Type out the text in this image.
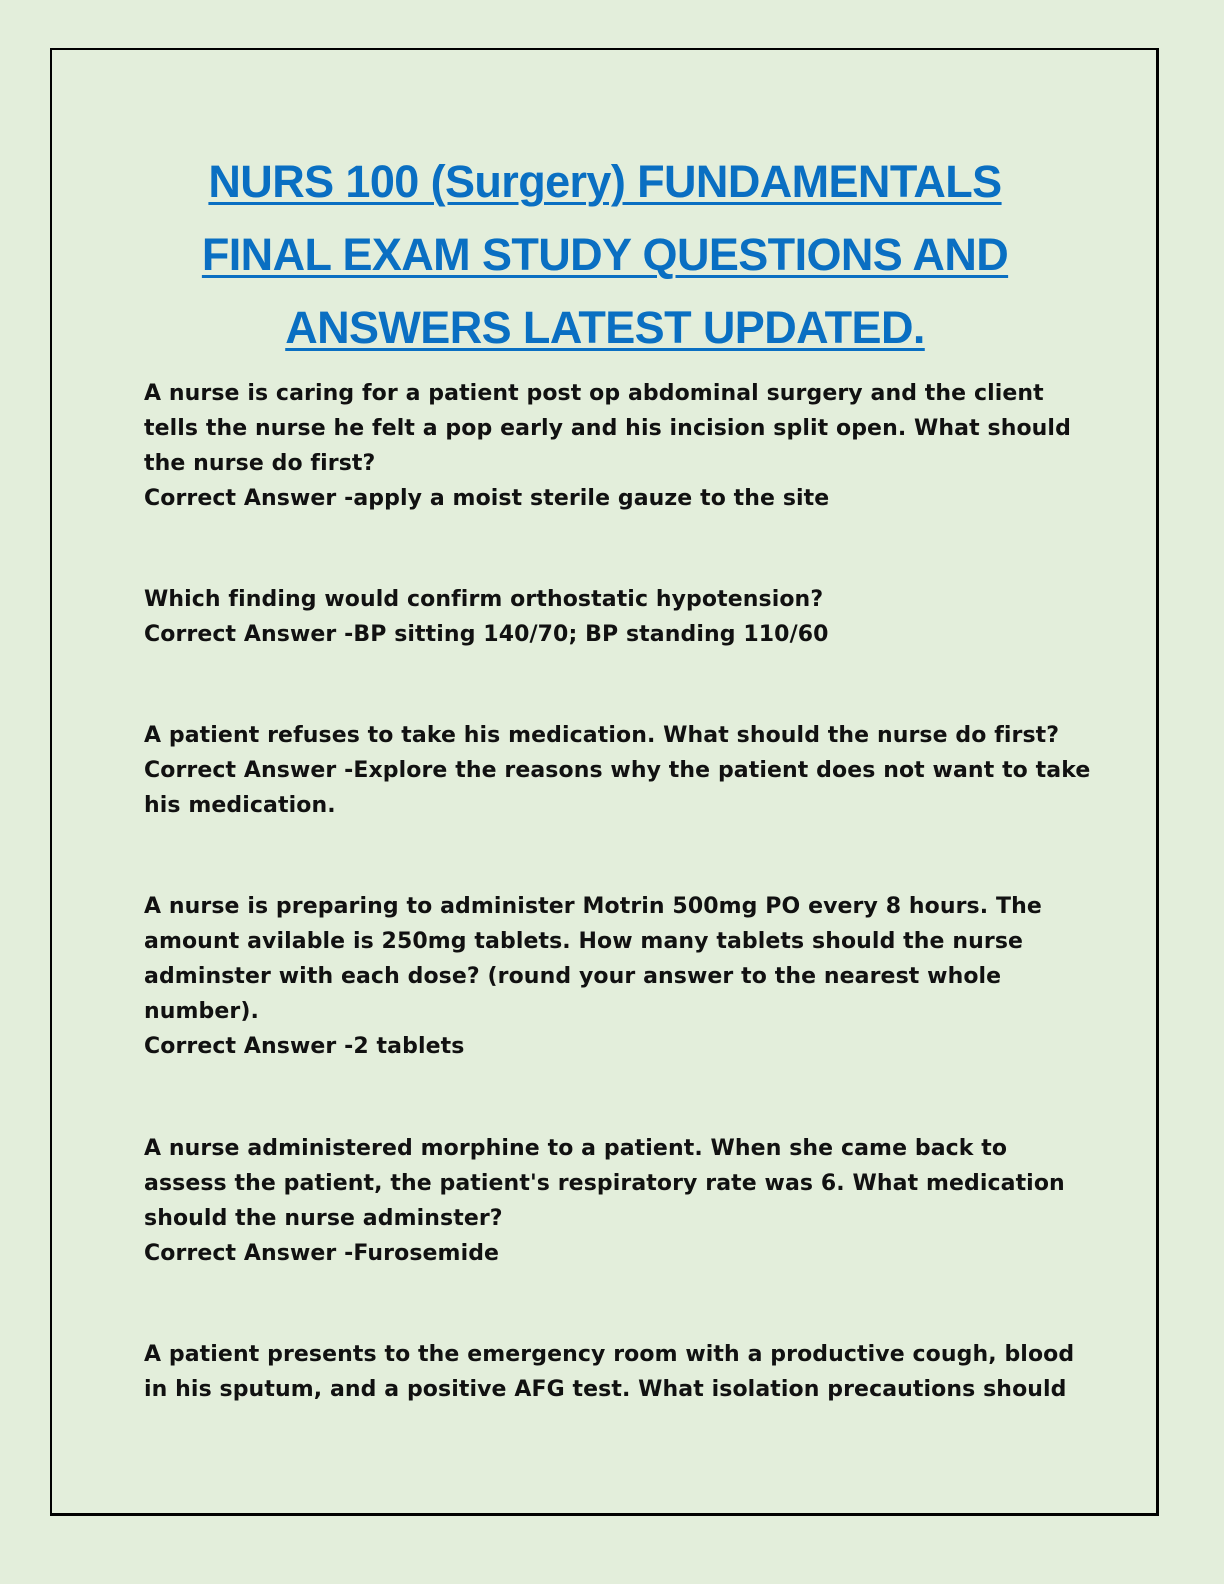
NURS 100 (Surgery) FUNDAMENTALS
FINAL EXAM STUDY QUESTIONS AND
ANSWERS LATEST UPDATED.

A nurse is caring for a patient post op abdominal surgery and the client
tells the nurse he felt a pop early and his incision split open. What should
the nurse do first?

Correct Answer -apply a moist sterile gauze to the site

Which finding would confirm orthostatic hypotension?

Correct Answer -BP sitting 140/70; BP standing 110/60

A patient refuses to take his medication. What should the nurse do first?

Correct Answer -Explore the reasons why the patient does not want to take
his medication.

A nurse is preparing to administer Motrin 500mg PO every 8 hours. The
amount avilable is 250mg tablets. How many tablets should the nurse
adminster with each dose? (round your answer to the nearest whole
number).

Correct Answer -2 tablets

A nurse administered morphine to a patient. When she came back to
assess the patient, the patient's respiratory rate was 6. What medication
should the nurse adminster?

Correct Answer -Furosemide

A patient presents to the emergency room with a productive cough, blood
in his sputum, and a positive AFG test. What isolation precautions should
